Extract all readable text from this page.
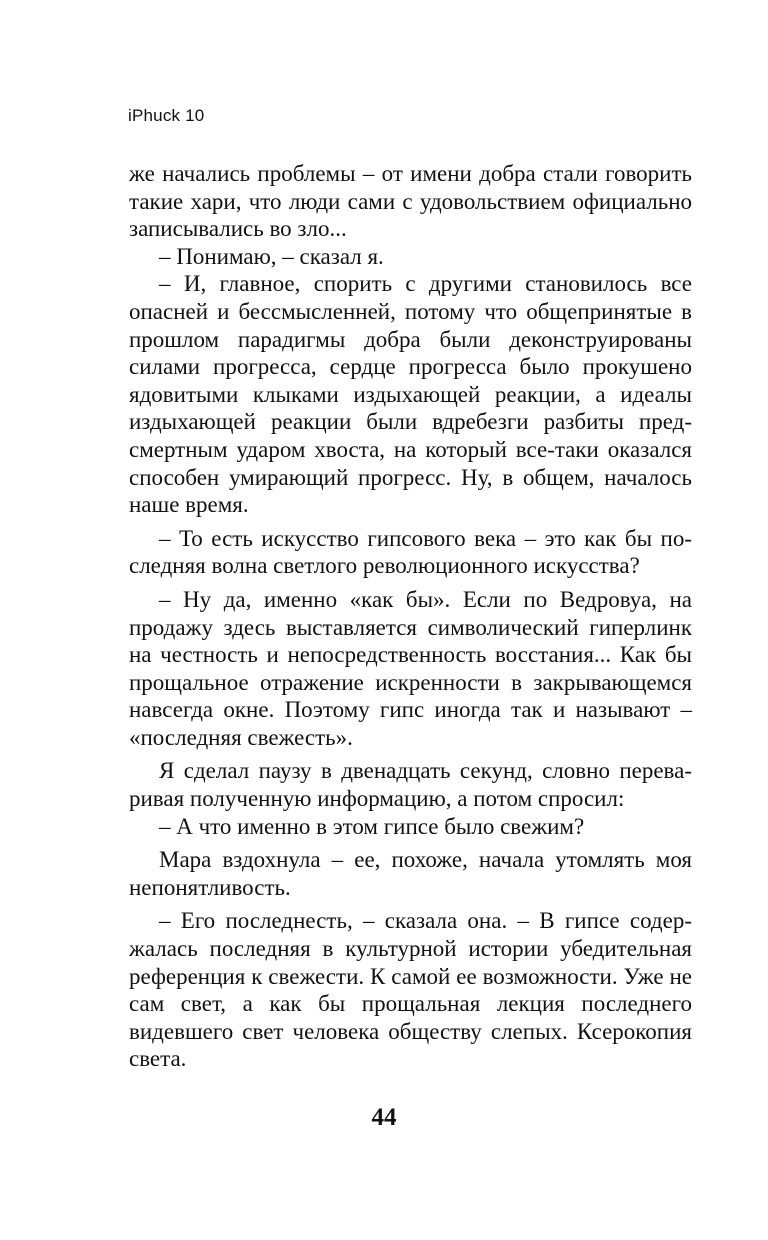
iPhuck 10

же начались проблемы – от имени добра стали говорить такие хари, что люди сами с удовольствием официально записывались во зло...

– Понимаю, – сказал я.

– И, главное, спорить с другими становилось все опасней и бессмысленней, потому что общепринятые в прошлом парадигмы добра были деконструированы силами прогресса, сердце прогресса было прокушено ядовитыми клыками издыхающей реакции, а идеалы издыхающей реакции были вдребезги разбиты предсмертным ударом хвоста, на который все-таки оказался способен умирающий прогресс. Ну, в общем, началось наше время.

– То есть искусство гипсового века – это как бы последняя волна светлого революционного искусства?

– Ну да, именно «как бы». Если по Ведровуа, на продажу здесь выставляется символический гиперлинк на честность и непосредственность восстания... Как бы прощальное отражение искренности в закрывающемся навсегда окне. Поэтому гипс иногда так и называют – «последняя свежесть».

Я сделал паузу в двенадцать секунд, словно переваривая полученную информацию, а потом спросил:

– А что именно в этом гипсе было свежим?

Мара вздохнула – ее, похоже, начала утомлять моя непонятливость.

– Его последнесть, – сказала она. – В гипсе содержалась последняя в культурной истории убедительная референция к свежести. К самой ее возможности. Уже не сам свет, а как бы прощальная лекция последнего видевшего свет человека обществу слепых. Ксерокопия света.

44
